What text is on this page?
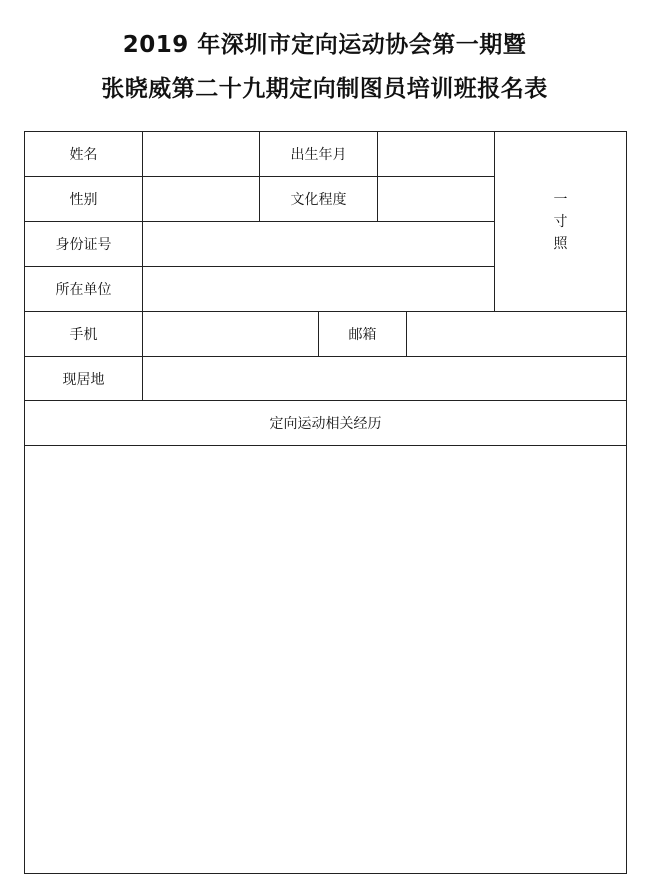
2019 年深圳市定向运动协会第一期暨
张晓威第二十九期定向制图员培训班报名表
姓名	出生年月
性别	文化程度
身份证号
所在单位
一
寸
照
手机	邮箱
现居地
定向运动相关经历
